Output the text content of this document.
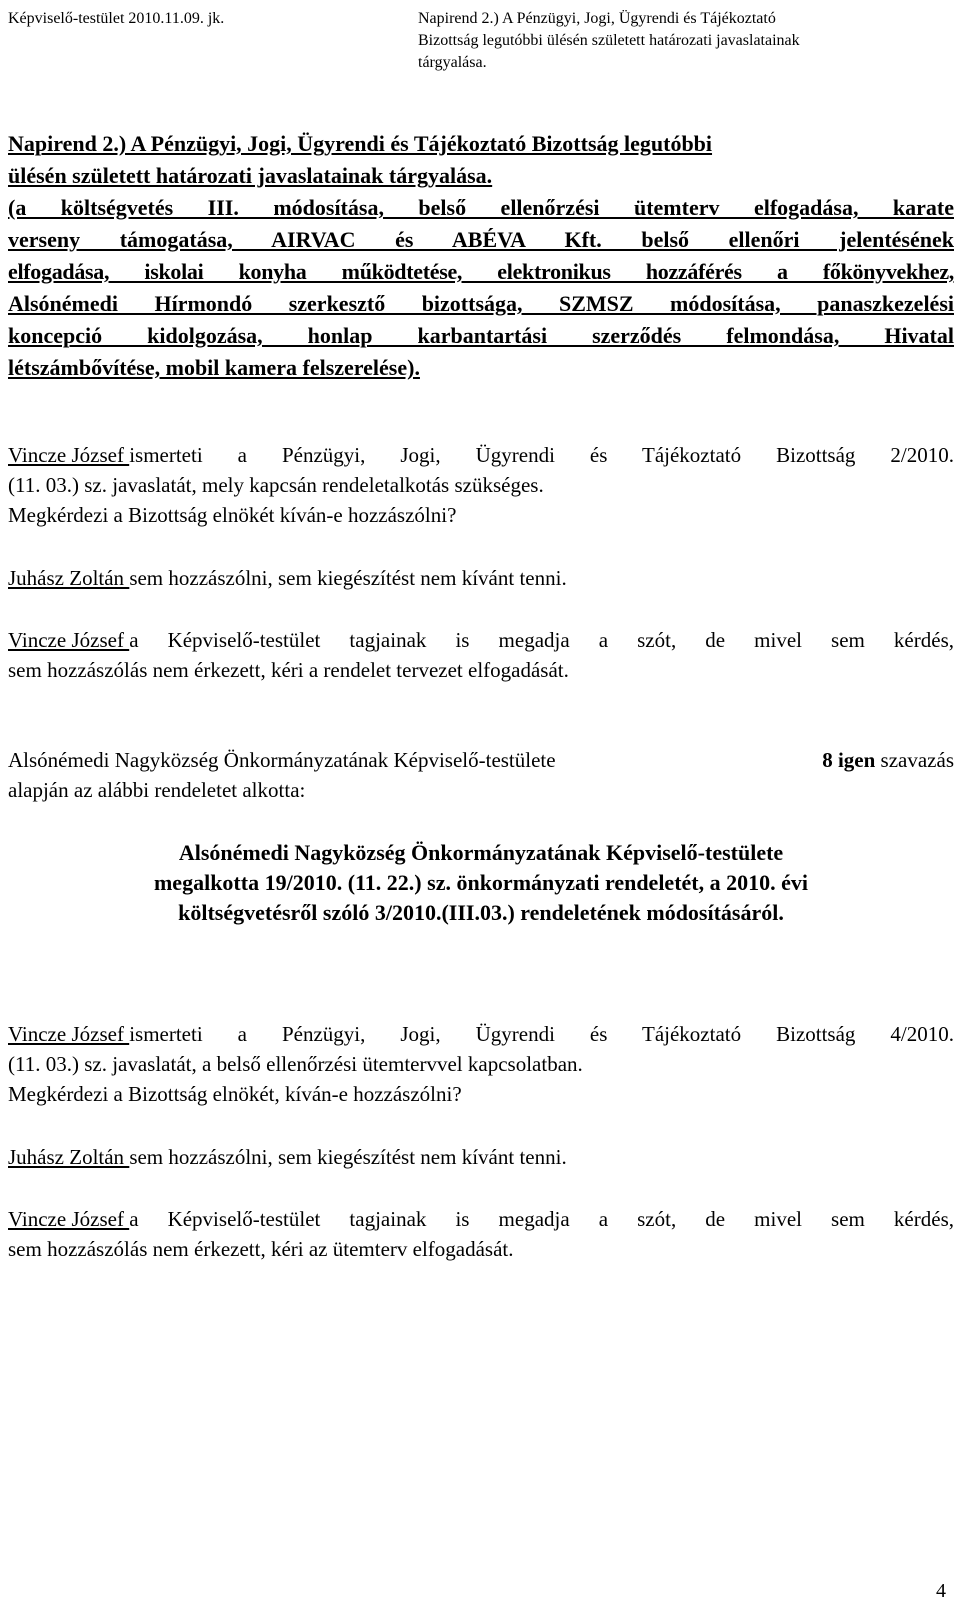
Képviselő-testület 2010.11.09. jk.	Napirend 2.) A Pénzügyi, Jogi, Ügyrendi és Tájékoztató
Bizottság legutóbbi ülésén született határozati javaslatainak
tárgyalása.
Napirend 2.) A Pénzügyi, Jogi, Ügyrendi és Tájékoztató Bizottság legutóbbi
ülésén született határozati javaslatainak tárgyalása.
(a költségvetés III. módosítása, belső ellenőrzési ütemterv elfogadása, karate
verseny támogatása, AIRVAC és ABÉVA Kft. belső ellenőri jelentésének
elfogadása, iskolai konyha működtetése, elektronikus hozzáférés a főkönyvekhez,
Alsónémedi Hírmondó szerkesztő bizottsága, SZMSZ módosítása, panaszkezelési
koncepció kidolgozása, honlap karbantartási szerződés felmondása, Hivatal
létszámbővítése, mobil kamera felszerelése).
Vincze József ismerteti a Pénzügyi, Jogi, Ügyrendi és Tájékoztató Bizottság 2/2010.
(11. 03.) sz. javaslatát, mely kapcsán rendeletalkotás szükséges.
Megkérdezi a Bizottság elnökét kíván-e hozzászólni?
Juhász Zoltán sem hozzászólni, sem kiegészítést nem kívánt tenni.
Vincze József a Képviselő-testület tagjainak is megadja a szót, de mivel sem kérdés,
sem hozzászólás nem érkezett, kéri a rendelet tervezet elfogadását.
Alsónémedi Nagyközség Önkormányzatának Képviselő-testülete	8 igen szavazás
alapján az alábbi rendeletet alkotta:
Alsónémedi Nagyközség Önkormányzatának Képviselő-testülete
megalkotta 19/2010. (11. 22.) sz. önkormányzati rendeletét, a 2010. évi
költségvetésről szóló 3/2010.(III.03.) rendeletének módosításáról.
Vincze József ismerteti a Pénzügyi, Jogi, Ügyrendi és Tájékoztató Bizottság 4/2010.
(11. 03.) sz. javaslatát, a belső ellenőrzési ütemtervvel kapcsolatban.
Megkérdezi a Bizottság elnökét, kíván-e hozzászólni?
Juhász Zoltán sem hozzászólni, sem kiegészítést nem kívánt tenni.
Vincze József a Képviselő-testület tagjainak is megadja a szót, de mivel sem kérdés,
sem hozzászólás nem érkezett, kéri az ütemterv elfogadását.
4
